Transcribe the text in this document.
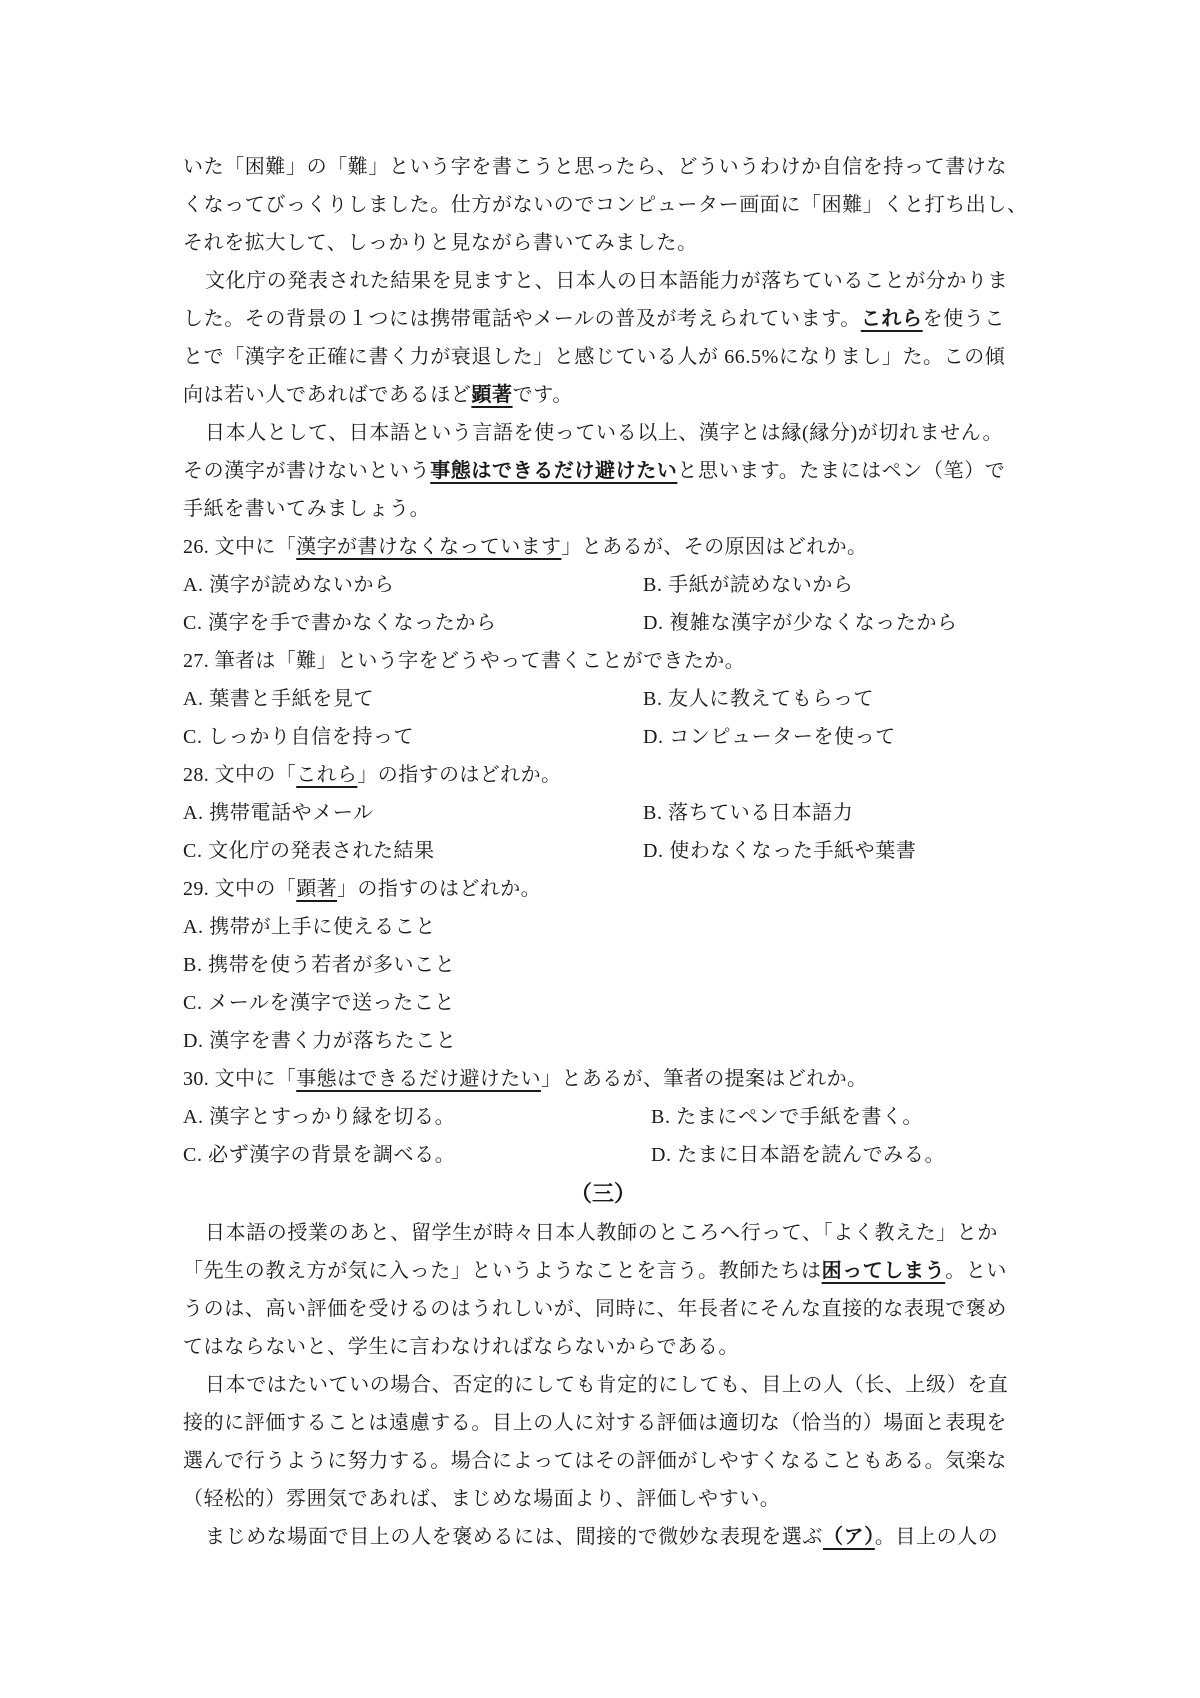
いた「困難」の「難」という字を書こうと思ったら、どういうわけか自信を持って書けな
くなってびっくりしました。仕方がないのでコンピューター画面に「困難」くと打ち出し、
それを拡大して、しっかりと見ながら書いてみました。
文化庁の発表された結果を見ますと、日本人の日本語能力が落ちていることが分かりま
した。その背景の１つには携帯電話やメールの普及が考えられています。これらを使うこ
とで「漢字を正確に書く力が衰退した」と感じている人が 66.5%になりまし」た。この傾
向は若い人であればであるほど顕著です。
日本人として、日本語という言語を使っている以上、漢字とは縁(縁分)が切れません。
その漢字が書けないという事態はできるだけ避けたいと思います。たまにはペン（笔）で
手紙を書いてみましょう。
26. 文中に「漢字が書けなくなっています」とあるが、その原因はどれか。
A. 漢字が読めないから	B. 手紙が読めないから
C. 漢字を手で書かなくなったから	D. 複雑な漢字が少なくなったから
27. 筆者は「難」という字をどうやって書くことができたか。
A. 葉書と手紙を見て	B. 友人に教えてもらって
C. しっかり自信を持って	D. コンピューターを使って
28. 文中の「これら」の指すのはどれか。
A. 携帯電話やメール	B. 落ちている日本語力
C. 文化庁の発表された結果	D. 使わなくなった手紙や葉書
29. 文中の「顕著」の指すのはどれか。
A. 携帯が上手に使えること
B. 携帯を使う若者が多いこと
C. メールを漢字で送ったこと
D. 漢字を書く力が落ちたこと
30. 文中に「事態はできるだけ避けたい」とあるが、筆者の提案はどれか。
A. 漢字とすっかり縁を切る。	B. たまにペンで手紙を書く。
C. 必ず漢字の背景を調べる。	D. たまに日本語を読んでみる。
（三）
日本語の授業のあと、留学生が時々日本人教師のところへ行って、「よく教えた」とか
「先生の教え方が気に入った」というようなことを言う。教師たちは困ってしまう。とい
うのは、高い評価を受けるのはうれしいが、同時に、年長者にそんな直接的な表現で褒め
てはならないと、学生に言わなければならないからである。
日本ではたいていの場合、否定的にしても肯定的にしても、目上の人（长、上级）を直
接的に評価することは遠慮する。目上の人に対する評価は適切な（恰当的）場面と表現を
選んで行うように努力する。場合によってはその評価がしやすくなることもある。気楽な
（轻松的）雰囲気であれば、まじめな場面より、評価しやすい。
まじめな場面で目上の人を褒めるには、間接的で微妙な表現を選ぶ（ア）。目上の人の
